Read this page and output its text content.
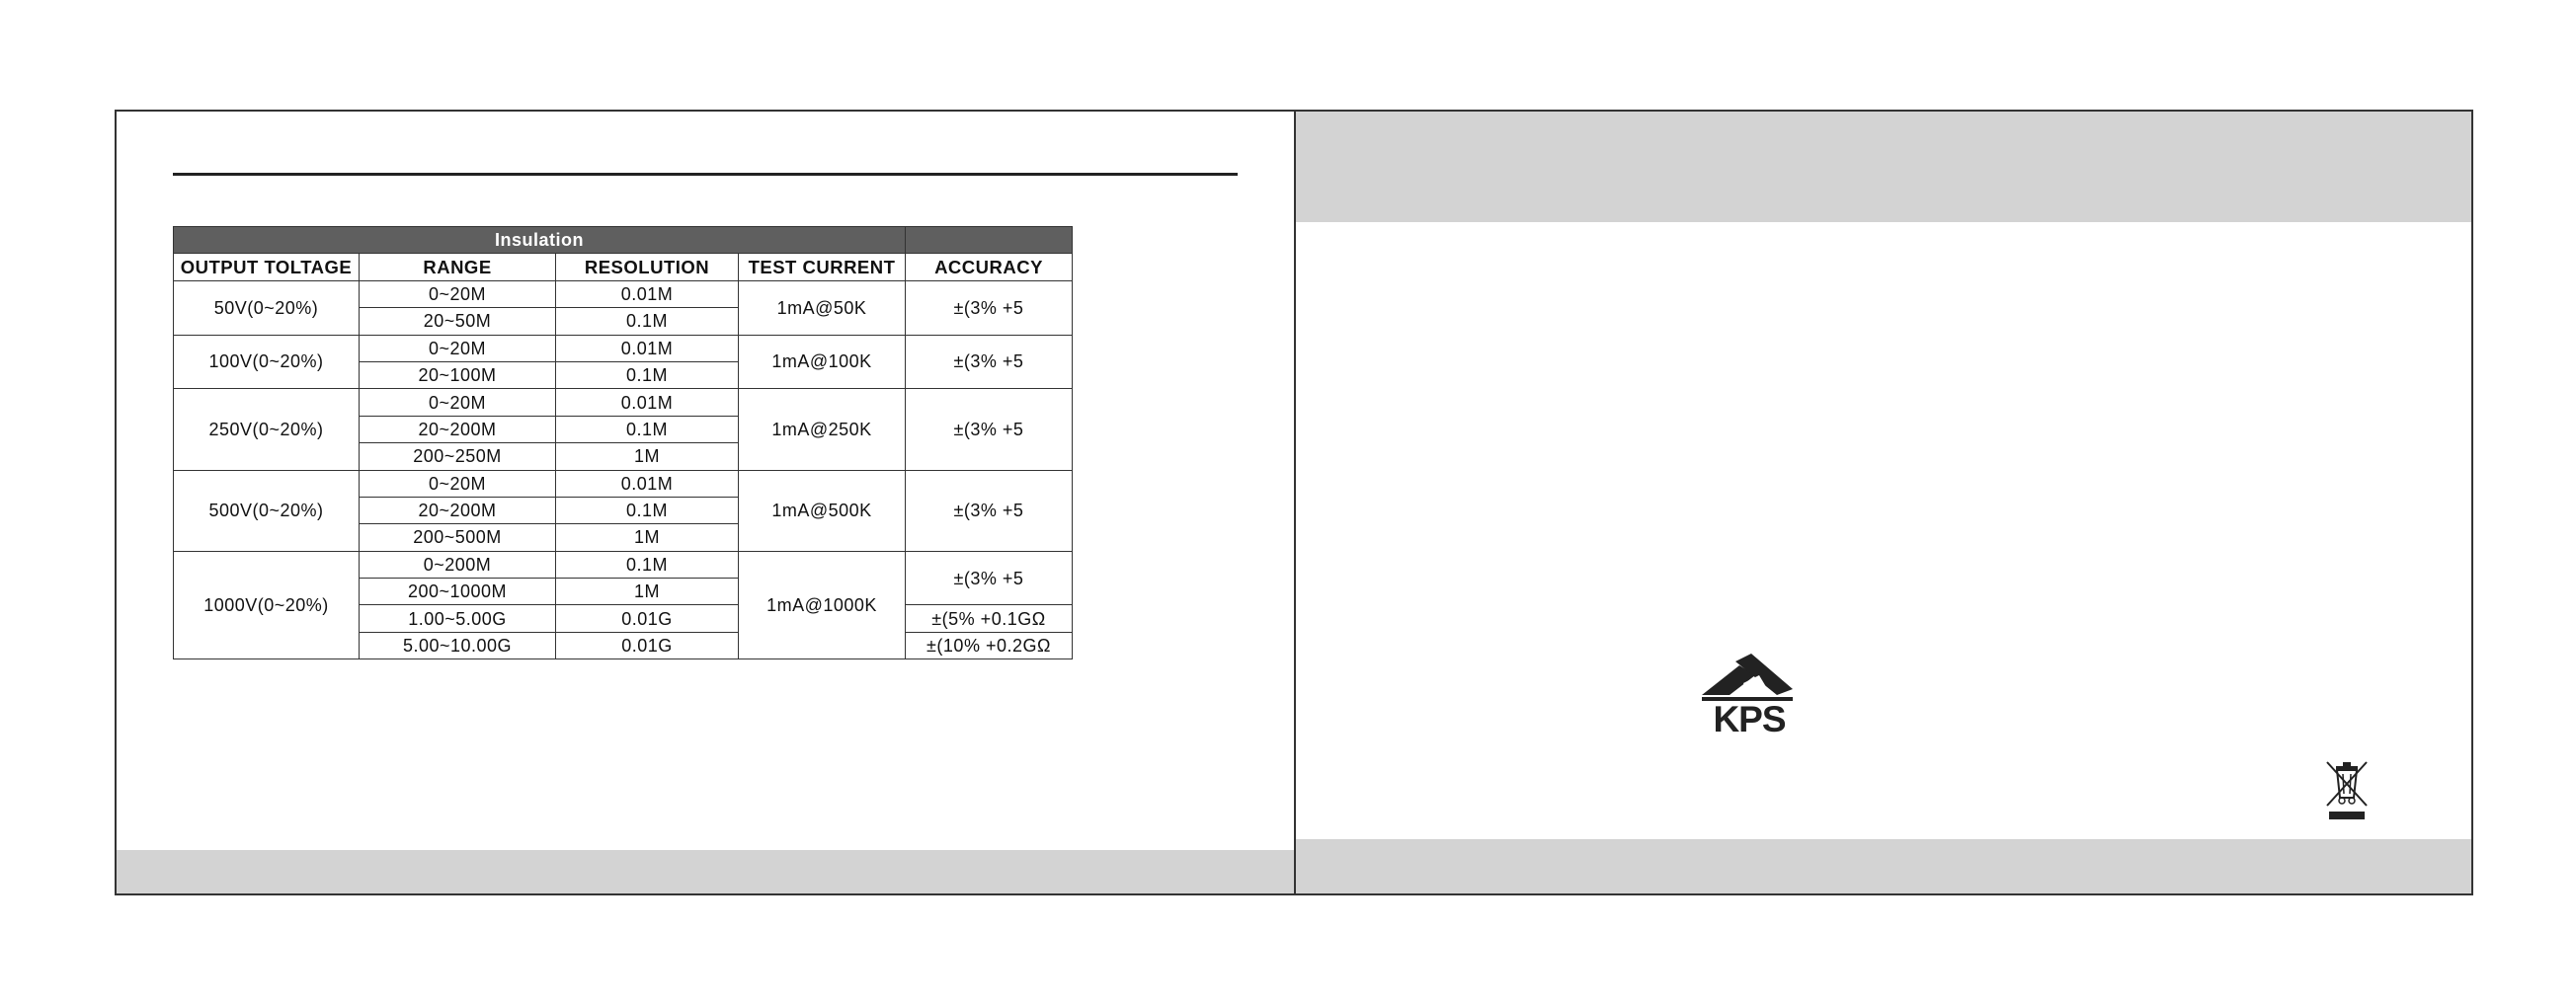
Insulation				
OUTPUT TOLTAGE	RANGE	RESOLUTION	TEST CURRENT	ACCURACY
50V(0~20%)	0~20M	0.01M	1mA@50K	±(3% +5
	20~50M	0.1M		
100V(0~20%)	0~20M	0.01M	1mA@100K	±(3% +5
	20~100M	0.1M		
250V(0~20%)	0~20M	0.01M	1mA@250K	±(3% +5
	20~200M	0.1M		
	200~250M	1M		
500V(0~20%)	0~20M	0.01M	1mA@500K	±(3% +5
	20~200M	0.1M		
	200~500M	1M		
1000V(0~20%)	0~200M	0.1M	1mA@1000K	±(3% +5
	200~1000M	1M		
	1.00~5.00G	0.01G		±(5% +0.1GΩ
	5.00~10.00G	0.01G		±(10% +0.2GΩ
KPS
